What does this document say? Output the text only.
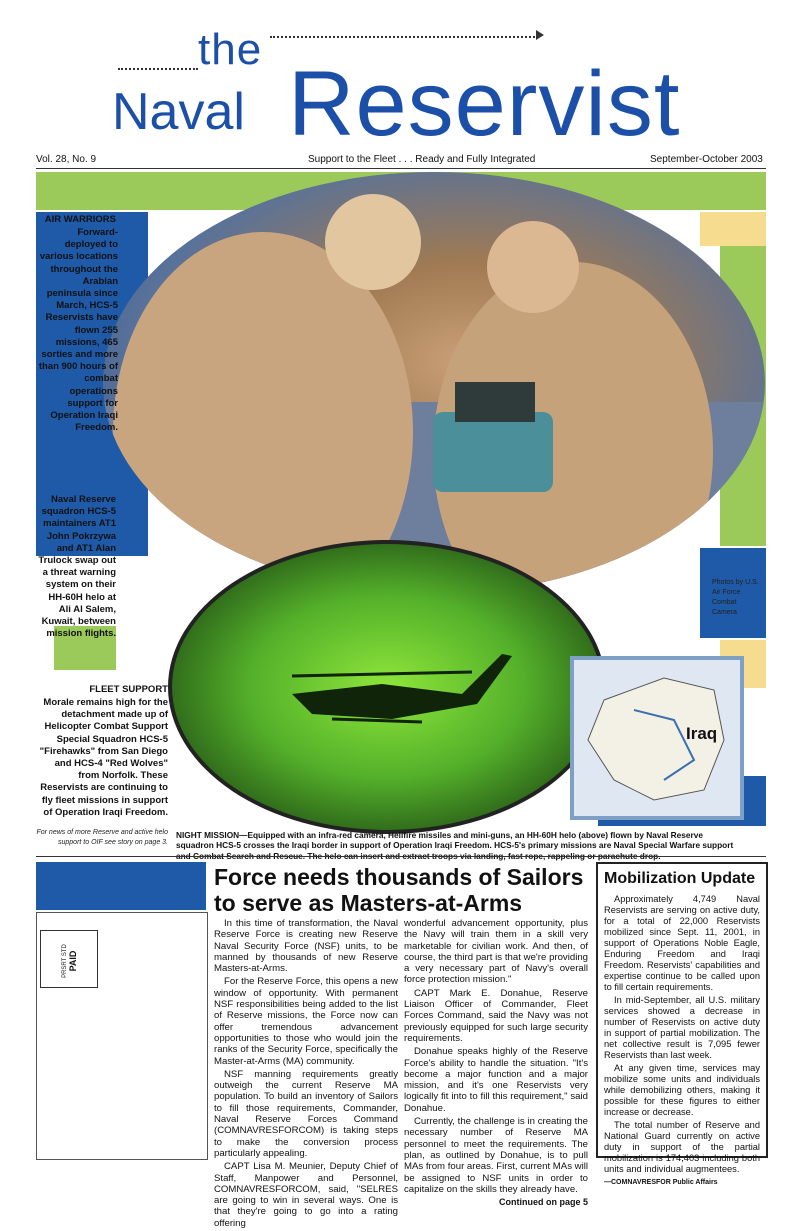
the
Naval Reservist
Vol. 28, No. 9	Support to the Fleet . . . Ready and Fully Integrated	September-October 2003
Iraq
AIR WARRIORS
Forward-deployed to various locations throughout the Arabian peninsula since March, HCS-5 Reservists have flown 255 missions, 465 sorties and more than 900 hours of combat operations support for Operation Iraqi Freedom.
Naval Reserve squadron HCS-5 maintainers AT1 John Pokrzywa and AT1 Alan Trulock swap out a threat warning system on their HH-60H helo at Ali Al Salem, Kuwait, between mission flights.
FLEET SUPPORT
Morale remains high for the detachment made up of Helicopter Combat Support Special Squadron HCS-5 "Firehawks" from San Diego and HCS-4 "Red Wolves" from Norfolk. These Reservists are continuing to fly fleet missions in support of Operation Iraqi Freedom.
For news of more Reserve and active helo support to OIF see story on page 3.
Photos by U.S. Air Force Combat Camera
NIGHT MISSION—Equipped with an infra-red camera, Hellfire missiles and mini-guns, an HH-60H helo (above) flown by Naval Reserve squadron HCS-5 crosses the Iraqi border in support of Operation Iraqi Freedom. HCS-5's primary missions are Naval Special Warfare support and Combat Search and Rescue. The helo can insert and extract troops via landing, fast rope, rappeling or parachute drop.
PRSRT STD PAID
Force needs thousands of Sailors to serve as Masters-at-Arms

In this time of transformation, the Naval Reserve Force is creating new Reserve Naval Security Force (NSF) units, to be manned by thousands of new Reserve Masters-at-Arms.

For the Reserve Force, this opens a new window of opportunity. With permanent NSF responsibilities being added to the list of Reserve missions, the Force now can offer tremendous advancement opportunities to those who would join the ranks of the Security Force, specifically the Master-at-Arms (MA) community.

NSF manning requirements greatly outweigh the current Reserve MA population. To build an inventory of Sailors to fill those requirements, Commander, Naval Reserve Forces Command (COMNAVRESFORCOM) is taking steps to make the conversion process particularly appealing.

CAPT Lisa M. Meunier, Deputy Chief of Staff, Manpower and Personnel, COMNAVRESFORCOM, said, "SELRES are going to win in several ways. One is that they're going to go into a rating offering

wonderful advancement opportunity, plus the Navy will train them in a skill very marketable for civilian work. And then, of course, the third part is that we're providing a very necessary part of Navy's overall force protection mission."

CAPT Mark E. Donahue, Reserve Liaison Officer of Commander, Fleet Forces Command, said the Navy was not previously equipped for such large security requirements.

Donahue speaks highly of the Reserve Force's ability to handle the situation. "It's become a major function and a major mission, and it's one Reservists very logically fit into to fill this requirement," said Donahue.

Currently, the challenge is in creating the necessary number of Reserve MA personnel to meet the requirements. The plan, as outlined by Donahue, is to pull MAs from four areas. First, current MAs will be assigned to NSF units in order to capitalize on the skills they already have.

Continued on page 5
Mobilization Update

Approximately 4,749 Naval Reservists are serving on active duty, for a total of 22,000 Reservists mobilized since Sept. 11, 2001, in support of Operations Noble Eagle, Enduring Freedom and Iraqi Freedom. Reservists' capabilities and expertise continue to be called upon to fill certain requirements.

In mid-September, all U.S. military services showed a decrease in number of Reservists on active duty in support of partial mobilization. The net collective result is 7,095 fewer Reservists than last week.

At any given time, services may mobilize some units and individuals while demobilizing others, making it possible for these figures to either increase or decrease.

The total number of Reserve and National Guard currently on active duty in support of the partial mobilization is 174,403 including both units and individual augmentees.

—COMNAVRESFOR Public Affairs
